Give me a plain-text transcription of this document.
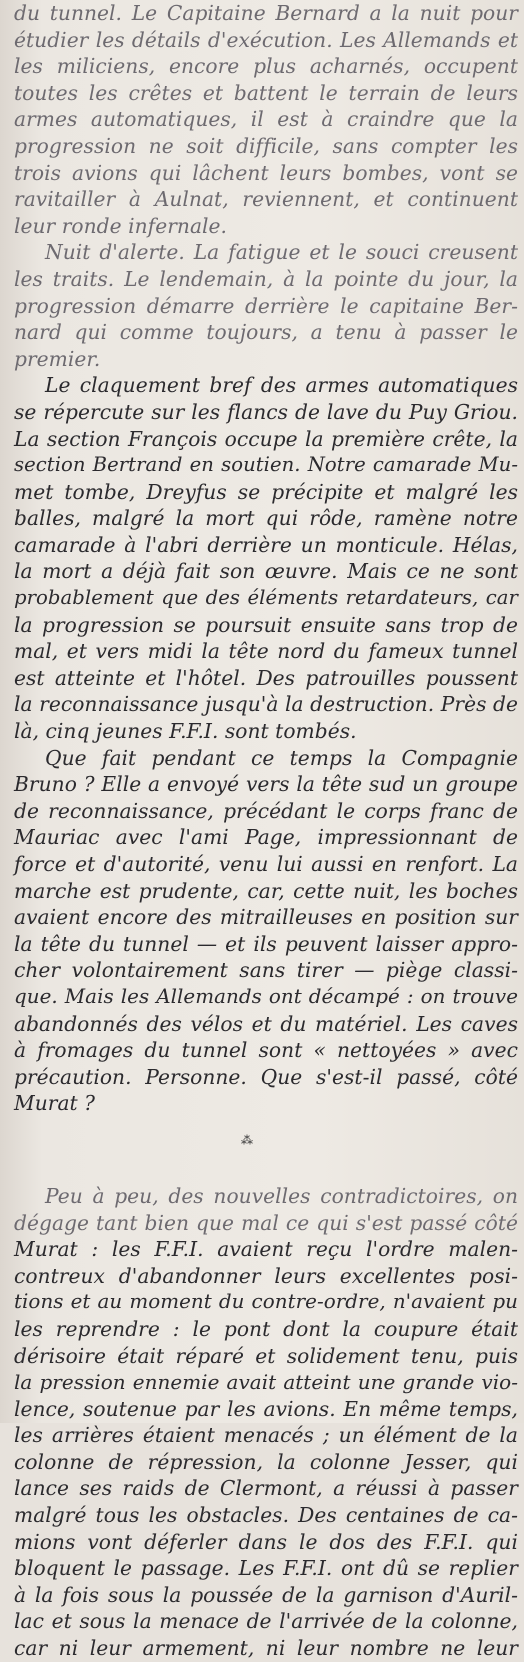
du tunnel. Le Capitaine Bernard a la nuit pour
étudier les détails d'exécution. Les Allemands et
les miliciens, encore plus acharnés, occupent
toutes les crêtes et battent le terrain de leurs
armes automatiques, il est à craindre que la
progression ne soit difficile, sans compter les
trois avions qui lâchent leurs bombes, vont se
ravitailler à Aulnat, reviennent, et continuent
leur ronde infernale.
Nuit d'alerte. La fatigue et le souci creusent
les traits. Le lendemain, à la pointe du jour, la
progression démarre derrière le capitaine Ber-
nard qui comme toujours, a tenu à passer le
premier.
Le claquement bref des armes automatiques
se répercute sur les flancs de lave du Puy Griou.
La section François occupe la première crête, la
section Bertrand en soutien. Notre camarade Mu-
met tombe, Dreyfus se précipite et malgré les
balles, malgré la mort qui rôde, ramène notre
camarade à l'abri derrière un monticule. Hélas,
la mort a déjà fait son œuvre. Mais ce ne sont
probablement que des éléments retardateurs, car
la progression se poursuit ensuite sans trop de
mal, et vers midi la tête nord du fameux tunnel
est atteinte et l'hôtel. Des patrouilles poussent
la reconnaissance jusqu'à la destruction. Près de
là, cinq jeunes F.F.I. sont tombés.
Que fait pendant ce temps la Compagnie
Bruno ? Elle a envoyé vers la tête sud un groupe
de reconnaissance, précédant le corps franc de
Mauriac avec l'ami Page, impressionnant de
force et d'autorité, venu lui aussi en renfort. La
marche est prudente, car, cette nuit, les boches
avaient encore des mitrailleuses en position sur
la tête du tunnel — et ils peuvent laisser appro-
cher volontairement sans tirer — piège classi-
que. Mais les Allemands ont décampé : on trouve
abandonnés des vélos et du matériel. Les caves
à fromages du tunnel sont « nettoyées » avec
précaution. Personne. Que s'est-il passé, côté
Murat ?
⁂
Peu à peu, des nouvelles contradictoires, on
dégage tant bien que mal ce qui s'est passé côté
Murat : les F.F.I. avaient reçu l'ordre malen-
contreux d'abandonner leurs excellentes posi-
tions et au moment du contre-ordre, n'avaient pu
les reprendre : le pont dont la coupure était
dérisoire était réparé et solidement tenu, puis
la pression ennemie avait atteint une grande vio-
lence, soutenue par les avions. En même temps,
les arrières étaient menacés ; un élément de la
colonne de répression, la colonne Jesser, qui
lance ses raids de Clermont, a réussi à passer
malgré tous les obstacles. Des centaines de ca-
mions vont déferler dans le dos des F.F.I. qui
bloquent le passage. Les F.F.I. ont dû se replier
à la fois sous la poussée de la garnison d'Auril-
lac et sous la menace de l'arrivée de la colonne,
car ni leur armement, ni leur nombre ne leur
